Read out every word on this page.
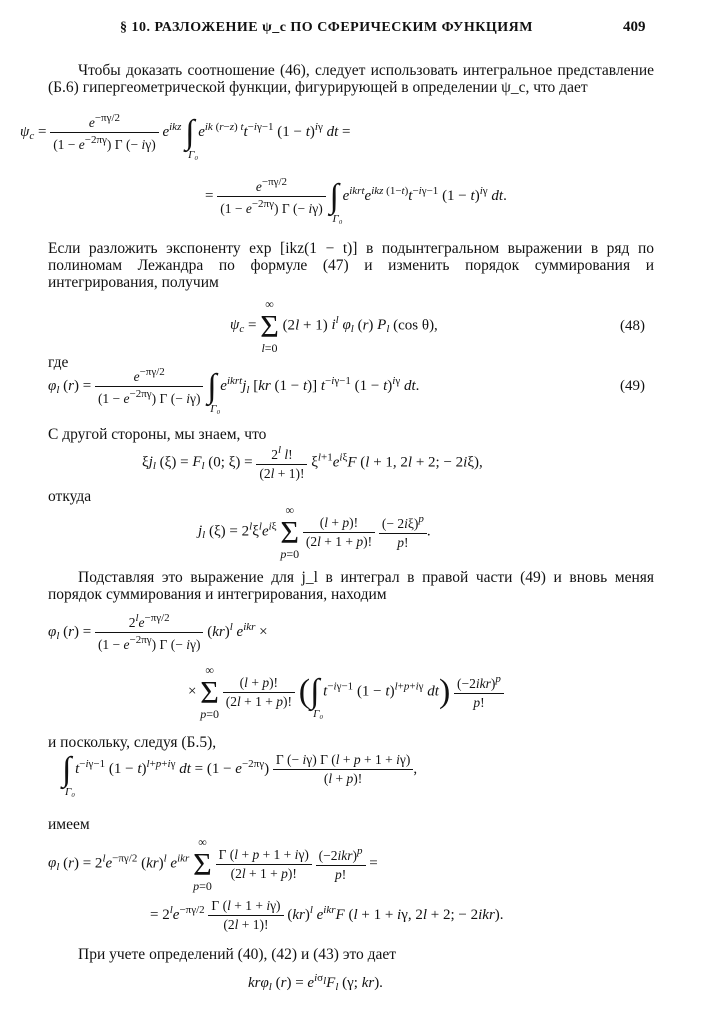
§ 10. РАЗЛОЖЕНИЕ ψ_c ПО СФЕРИЧЕСКИМ ФУНКЦИЯМ	409
Чтобы доказать соотношение (46), следует использовать интегральное представление (Б.6) гипергеометрической функции, фигурирующей в определении ψ_c, что дает
$\psi_c = \frac{e^{-\pi\gamma/2}}{(1 - e^{-2\pi\gamma}) \Gamma (- i\gamma)} e^{ikz}$ ∫
Γ₀
$e^{ik (r-z) t}t^{-i\gamma-1}$ $(1 - t)^{i\gamma}$ dt =
= $\frac{e^{-\pi\gamma/2}}{(1 - e^{-2\pi\gamma}) \Gamma (- i\gamma)}$ ∫
Γ₀
$e^{ikrt}e^{ikz (1-t)}t^{-i\gamma-1}$ $(1 - t)^{i\gamma}$ dt.
Если разложить экспоненту exp [ikz(1 − t)] в подынтегральном выражении в ряд по полиномам Лежандра по формуле (47) и изменить порядок суммирования и интегрирования, получим
$\psi_c$ =
∞
Σ
l=0
(2l + 1) $i^l$ $\varphi_l$ (r) $P_l$ (cos θ),	(48)
где
$\varphi_l$ $(r) = \frac{e^{-\pi\gamma/2}}{(1 - e^{-2\pi\gamma}) \Gamma (- i\gamma)}$ ∫
Γ₀
$e^{ikrt}j_l$ [kr (1 − t)] $t^{-i\gamma-1}$ $(1 - t)^{i\gamma}$ dt.	(49)
С другой стороны, мы знаем, что
$\xi j_l$ $(\xi) = F_l$ (0; $\xi) = \frac{2^l l!}{(2l + 1)!} \xi^{l+1}e^{i\xi}F$ (l + 1, 2l + 2; − 2iξ),
откуда
$j_l$ $(\xi) = 2^l\xi^le^{i\xi}$
∞
Σ
p=0

$\frac{(l + p)!}{(2l + 1 + p)!}$
$\frac{(- 2i\xi)^p}{p!}$ .
Подставляя это выражение для j_l в интеграл в правой части (49) и вновь меняя порядок суммирования и интегрирования, находим
$\varphi_l$ $(r) = \frac{2^le^{-\pi\gamma/2}}{(1 - e^{-2\pi\gamma}) \Gamma (- i\gamma)} (kr)^l$ $e^{ikr}$ ×
×
∞
Σ
p=0

$\frac{(l + p)!}{(2l + 1 + p)!}$ (∫
Γ₀
$t^{-i\gamma-1}$ $(1 - t)^{l+p+i\gamma}$ $dt) \frac{(-2ikr)^p}{p!}$
и поскольку, следуя (Б.5),
∫
Γ₀
$t^{-i\gamma-1}$ $(1 - t)^{l+p+i\gamma}$ dt = $(1 - e^{-2\pi\gamma}) \frac{\Gamma (- i\gamma) \Gamma (l + p + 1 + i\gamma)}{(l + p)!}$ ,
имеем
$\varphi_l$ $(r) = 2^le^{-\pi\gamma/2}$ (kr)$^l$ $e^{ikr}$
∞
Σ
p=0

$\frac{\Gamma (l + p + 1 + i\gamma)}{(2l + 1 + p)!}$
$\frac{(-2ikr)^p}{p!}$ =
= $2^le^{-\pi\gamma/2} \frac{\Gamma (l + 1 + i\gamma)}{(2l + 1)!} (kr)^l$ $e^{ikr}F$ (l + 1 + iγ, 2l + 2; − 2ikr).
При учете определений (40), (42) и (43) это дает
krφ$_l$ $(r) = e^{i\sigma_l}F_l$ (γ; kr).
